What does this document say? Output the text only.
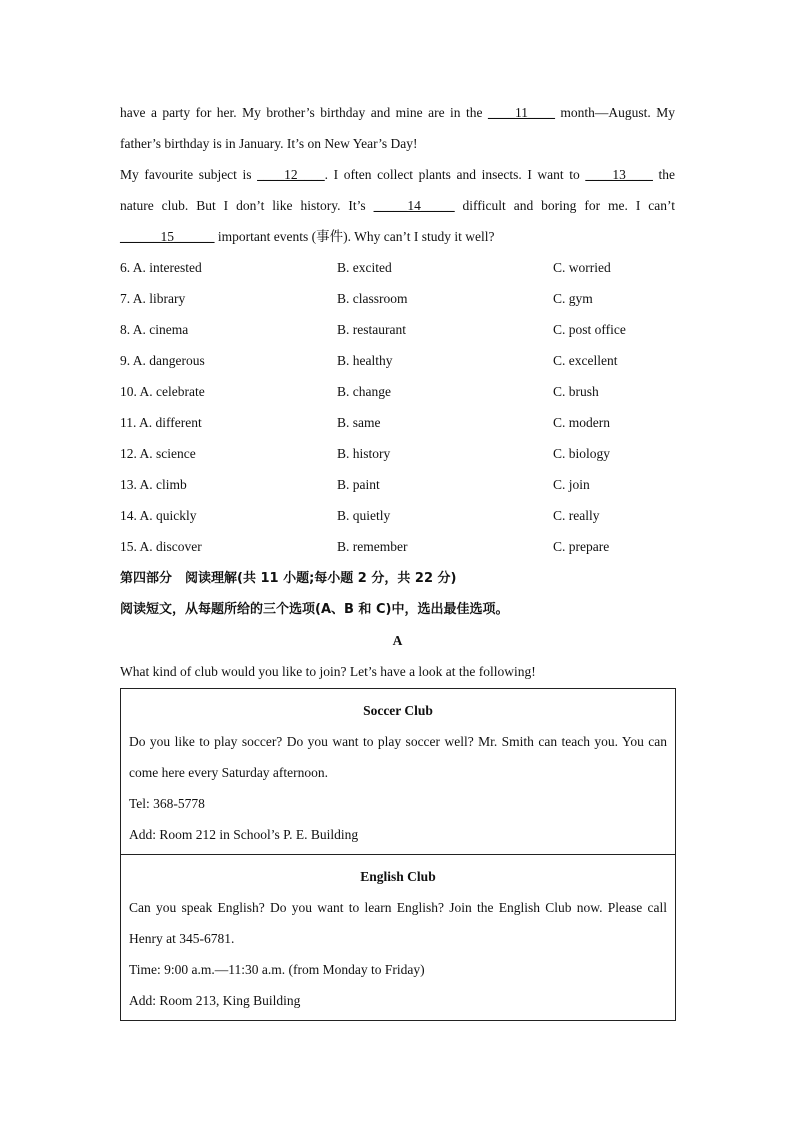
have a party for her. My brother’s birthday and mine are in the ____11____ month—August. My father’s birthday is in January. It’s on New Year’s Day!

My favourite subject is ____12____. I often collect plants and insects. I want to ____13____ the nature club. But I don’t like history. It’s _____14_____ difficult and boring for me. I can’t ______15______ important events (事件). Why can’t I study it well?

6. A. interested	B. excited	C. worried
7. A. library	B. classroom	C. gym
8. A. cinema	B. restaurant	C. post office
9. A. dangerous	B. healthy	C. excellent
10. A. celebrate	B. change	C. brush
11. A. different	B. same	C. modern
12. A. science	B. history	C. biology
13. A. climb	B. paint	C. join
14. A. quickly	B. quietly	C. really
15. A. discover	B. remember	C. prepare
第四部分　阅读理解(共 11 小题;每小题 2 分，共 22 分)
阅读短文，从每题所给的三个选项(A、B 和 C)中，选出最佳选项。
A
What kind of club would you like to join? Let’s have a look at the following!
Soccer Club
Do you like to play soccer? Do you want to play soccer well? Mr. Smith can teach you. You can come here every Saturday afternoon.
Tel: 368-5778
Add: Room 212 in School’s P. E. Building

English Club
Can you speak English? Do you want to learn English? Join the English Club now. Please call Henry at 345-6781.
Time: 9:00 a.m.—11:30 a.m. (from Monday to Friday)
Add: Room 213, King Building
